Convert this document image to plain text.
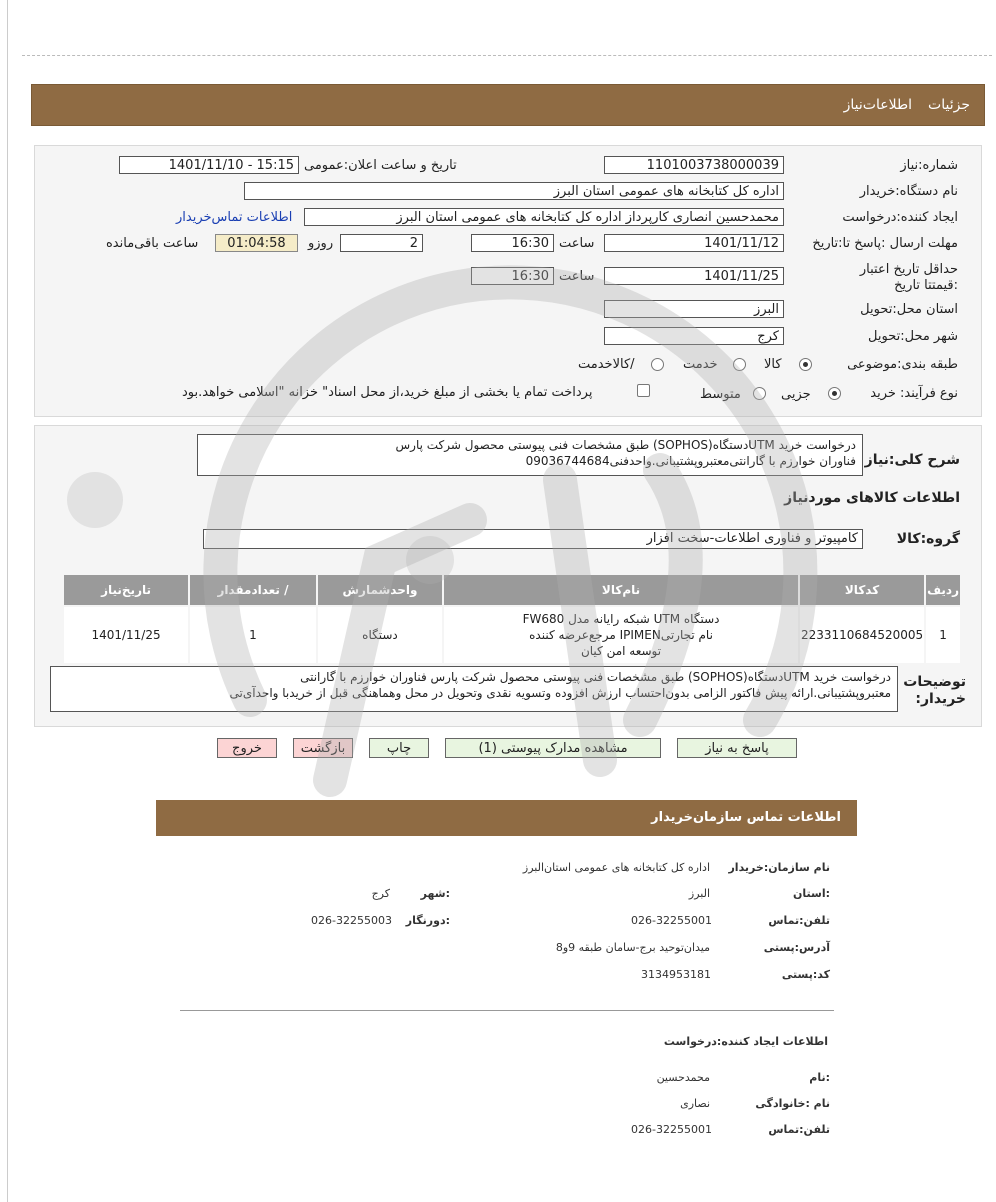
جزئیات
اطلاعات‌نیاز
شماره:نیاز
1101003738000039
تاریخ و ساعت اعلان:عمومی
1401/11/10 - 15:15
نام دستگاه:خریدار
اداره کل کتابخانه های عمومی استان البرز
ایجاد کننده:درخواست
محمدحسین انصاری کارپرداز اداره کل کتابخانه های عمومی استان البرز
اطلاعات تماس‌خریدار
مهلت ارسال :پاسخ تا:تاریخ
1401/11/12
ساعت
16:30
2
روزو
01:04:58
ساعت باقی‌مانده
حداقل تاریخ اعتبار :قیمتتا تاریخ
1401/11/25
ساعت
16:30
استان محل:تحویل
البرز
شهر محل:تحویل
کرج
طبقه بندی:موضوعی
کالا
خدمت
/کالاخدمت
نوع فرآیند: خرید
جزیی
متوسط
پرداخت تمام یا بخشی از مبلغ خرید،از محل اسناد" خزانه "اسلامی خواهد.بود
شرح کلی:نیاز
درخواست خرید UTMدستگاه(SOPHOS) طبق مشخصات فنی پیوستی محصول شرکت پارس
فناوران خوارزم با گارانتی‌معتبروپشتیبانی.واحدفنی09036744684
اطلاعات کالاهای موردنیاز
گروه:کالا
کامپیوتر و فناوری اطلاعات-سخت افزار
ردیف	کدکالا	نام‌کالا	واحدشمارش	/ تعدادمقدار	تاریخ‌نیاز
1	2233110684520005	دستگاه UTM شبکه رایانه مدل FW680
نام تجارتیIPIMEN مرجع‌عرضه کننده
توسعه امن کیان	دستگاه	1	1401/11/25
توضیحات خریدار:
درخواست خرید UTMدستگاه(SOPHOS) طبق مشخصات فنی پیوستی محصول شرکت پارس فناوران خوارزم با گارانتی
معتبروپشتیبانی.ارائه پیش فاکتور الزامی بدون‌احتساب ارزش افزوده وتسویه نقدی وتحویل در محل وهماهنگی قبل از خریدبا واحدآی‌تی
پاسخ به نیاز
مشاهده مدارک پیوستی (1)
چاپ
بازگشت
خروج
اطلاعات تماس سازمان‌خریدار
نام سازمان:خریدار
اداره کل کتابخانه های عمومی استان‌البرز
:استان
البرز
:شهر
کرج
تلفن:تماس
026-32255001
:دورنگار
026-32255003
آدرس:پستی
میدان‌توحید برج-سامان طبقه 9و8
کد:پستی
3134953181
اطلاعات ایجاد کننده:درخواست
:نام
محمدحسین
نام :خانوادگی
نصاری
تلفن:تماس
026-32255001
